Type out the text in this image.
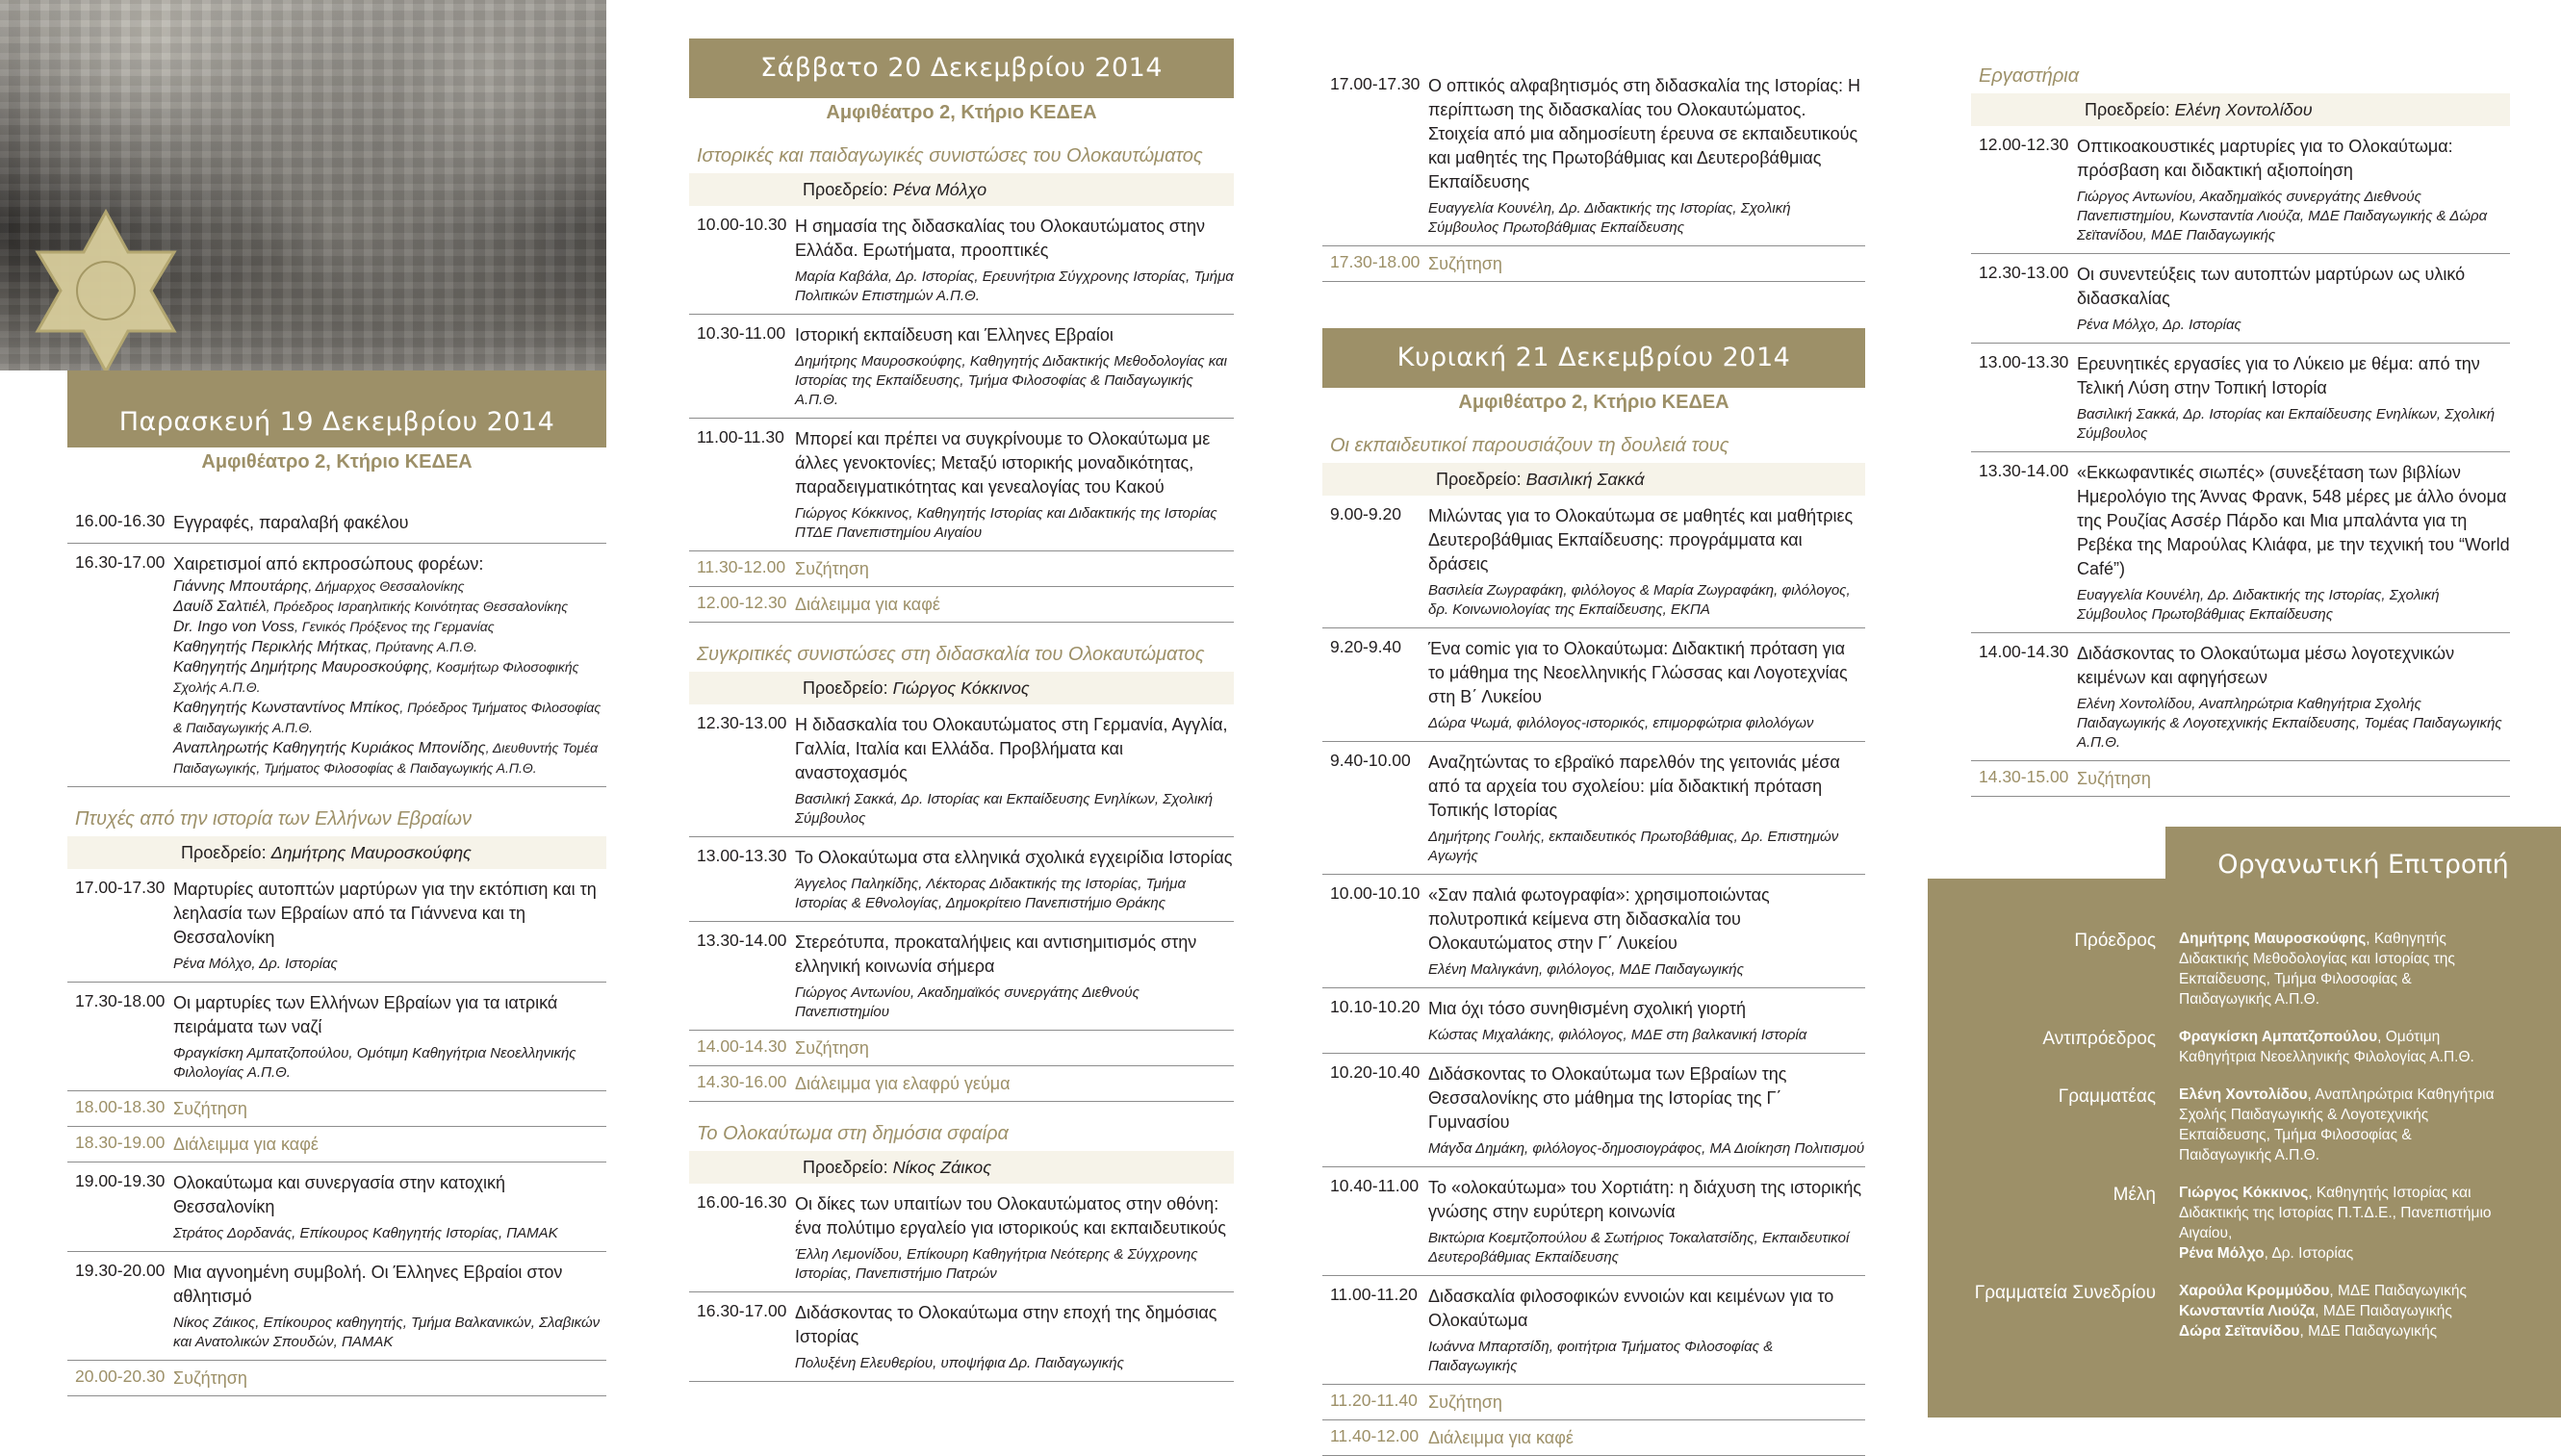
Παρασκευή 19 Δεκεμβρίου 2014
Αμφιθέατρο 2, Κτήριο ΚΕΔΕΑ
16.00-16.30 Εγγραφές, παραλαβή φακέλου
16.30-17.00 Χαιρετισμοί από εκπροσώπους φορέων:
Γιάννης Μπουτάρης, Δήμαρχος Θεσσαλονίκης
Δαυίδ Σαλτιέλ, Πρόεδρος Ισραηλιτικής Κοινότητας Θεσσαλονίκης
Dr. Ingo von Voss, Γενικός Πρόξενος της Γερμανίας
Καθηγητής Περικλής Μήτκας, Πρύτανης Α.Π.Θ.
Καθηγητής Δημήτρης Μαυροσκούφης, Κοσμήτωρ Φιλοσοφικής Σχολής Α.Π.Θ.
Καθηγητής Κωνσταντίνος Μπίκος, Πρόεδρος Τμήματος Φιλοσοφίας & Παιδαγωγικής Α.Π.Θ.
Αναπληρωτής Καθηγητής Κυριάκος Μπονίδης, Διευθυντής Τομέα Παιδαγωγικής, Τμήματος Φιλοσοφίας & Παιδαγωγικής Α.Π.Θ.
Πτυχές από την ιστορία των Ελλήνων Εβραίων
Προεδρείο: Δημήτρης Μαυροσκούφης
17.00-17.30 Μαρτυρίες αυτοπτών μαρτύρων για την εκτόπιση και τη λεηλασία των Εβραίων από τα Γιάννενα και τη Θεσσαλονίκη
Ρένα Μόλχο, Δρ. Ιστορίας
17.30-18.00 Οι μαρτυρίες των Ελλήνων Εβραίων για τα ιατρικά πειράματα των ναζί
Φραγκίσκη Αμπατζοπούλου, Ομότιμη Καθηγήτρια Νεοελληνικής Φιλολογίας Α.Π.Θ.
18.00-18.30 Συζήτηση
18.30-19.00 Διάλειμμα για καφέ
19.00-19.30 Ολοκαύτωμα και συνεργασία στην κατοχική Θεσσαλονίκη
Στράτος Δορδανάς, Επίκουρος Καθηγητής Ιστορίας, ΠΑΜΑΚ
19.30-20.00 Μια αγνοημένη συμβολή. Οι Έλληνες Εβραίοι στον αθλητισμό
Νίκος Ζάικος, Επίκουρος καθηγητής, Τμήμα Βαλκανικών, Σλαβικών και Ανατολικών Σπουδών, ΠΑΜΑΚ
20.00-20.30 Συζήτηση
Σάββατο 20 Δεκεμβρίου 2014
Αμφιθέατρο 2, Κτήριο ΚΕΔΕΑ
Ιστορικές και παιδαγωγικές συνιστώσες του Ολοκαυτώματος
Προεδρείο: Ρένα Μόλχο
10.00-10.30 Η σημασία της διδασκαλίας του Ολοκαυτώματος στην Ελλάδα. Ερωτήματα, προοπτικές
Μαρία Καβάλα, Δρ. Ιστορίας, Ερευνήτρια Σύγχρονης Ιστορίας, Τμήμα Πολιτικών Επιστημών Α.Π.Θ.
10.30-11.00 Ιστορική εκπαίδευση και Έλληνες Εβραίοι
Δημήτρης Μαυροσκούφης, Καθηγητής Διδακτικής Μεθοδολογίας και Ιστορίας της Εκπαίδευσης, Τμήμα Φιλοσοφίας & Παιδαγωγικής Α.Π.Θ.
11.00-11.30 Μπορεί και πρέπει να συγκρίνουμε το Ολοκαύτωμα με άλλες γενοκτονίες; Μεταξύ ιστορικής μοναδικότητας, παραδειγματικότητας και γενεαλογίας του Κακού
Γιώργος Κόκκινος, Καθηγητής Ιστορίας και Διδακτικής της Ιστορίας ΠΤΔΕ Πανεπιστημίου Αιγαίου
11.30-12.00 Συζήτηση
12.00-12.30 Διάλειμμα για καφέ
Συγκριτικές συνιστώσες στη διδασκαλία του Ολοκαυτώματος
Προεδρείο: Γιώργος Κόκκινος
12.30-13.00 Η διδασκαλία του Ολοκαυτώματος στη Γερμανία, Αγγλία, Γαλλία, Ιταλία και Ελλάδα. Προβλήματα και αναστοχασμός
Βασιλική Σακκά, Δρ. Ιστορίας και Εκπαίδευσης Ενηλίκων, Σχολική Σύμβουλος
13.00-13.30 Το Ολοκαύτωμα στα ελληνικά σχολικά εγχειρίδια Ιστορίας
Άγγελος Παληκίδης, Λέκτορας Διδακτικής της Ιστορίας, Τμήμα Ιστορίας & Εθνολογίας, Δημοκρίτειο Πανεπιστήμιο Θράκης
13.30-14.00 Στερεότυπα, προκαταλήψεις και αντισημιτισμός στην ελληνική κοινωνία σήμερα
Γιώργος Αντωνίου, Ακαδημαϊκός συνεργάτης Διεθνούς Πανεπιστημίου
14.00-14.30 Συζήτηση
14.30-16.00 Διάλειμμα για ελαφρύ γεύμα
Το Ολοκαύτωμα στη δημόσια σφαίρα
Προεδρείο: Νίκος Ζάικος
16.00-16.30 Οι δίκες των υπαιτίων του Ολοκαυτώματος στην οθόνη: ένα πολύτιμο εργαλείο για ιστορικούς και εκπαιδευτικούς
Έλλη Λεμονίδου, Επίκουρη Καθηγήτρια Νεότερης & Σύγχρονης Ιστορίας, Πανεπιστήμιο Πατρών
16.30-17.00 Διδάσκοντας το Ολοκαύτωμα στην εποχή της δημόσιας Ιστορίας
Πολυξένη Ελευθερίου, υποψήφια Δρ. Παιδαγωγικής
17.00-17.30 Ο οπτικός αλφαβητισμός στη διδασκαλία της Ιστορίας: Η περίπτωση της διδασκαλίας του Ολοκαυτώματος. Στοιχεία από μια αδημοσίευτη έρευνα σε εκπαιδευτικούς και μαθητές της Πρωτοβάθμιας και Δευτεροβάθμιας Εκπαίδευσης
Ευαγγελία Κουνέλη, Δρ. Διδακτικής της Ιστορίας, Σχολική Σύμβουλος Πρωτοβάθμιας Εκπαίδευσης
17.30-18.00 Συζήτηση
Κυριακή 21 Δεκεμβρίου 2014
Αμφιθέατρο 2, Κτήριο ΚΕΔΕΑ
Οι εκπαιδευτικοί παρουσιάζουν τη δουλειά τους
Προεδρείο: Βασιλική Σακκά
9.00-9.20	Μιλώντας για το Ολοκαύτωμα σε μαθητές και μαθήτριες Δευτεροβάθμιας Εκπαίδευσης: προγράμματα και δράσεις
Βασιλεία Ζωγραφάκη, φιλόλογος & Μαρία Ζωγραφάκη, φιλόλογος, δρ. Κοινωνιολογίας της Εκπαίδευσης, ΕΚΠΑ
9.20-9.40	Ένα comic για το Ολοκαύτωμα: Διδακτική πρόταση για το μάθημα της Νεοελληνικής Γλώσσας και Λογοτεχνίας στη Β΄ Λυκείου
Δώρα Ψωμά, φιλόλογος-ιστορικός, επιμορφώτρια φιλολόγων
9.40-10.00	Αναζητώντας το εβραϊκό παρελθόν της γειτονιάς μέσα από τα αρχεία του σχολείου: μία διδακτική πρόταση Τοπικής Ιστορίας
Δημήτρης Γουλής, εκπαιδευτικός Πρωτοβάθμιας, Δρ. Επιστημών Αγωγής
10.00-10.10 «Σαν παλιά φωτογραφία»: χρησιμοποιώντας πολυτροπικά κείμενα στη διδασκαλία του Ολοκαυτώματος στην Γ΄ Λυκείου
Ελένη Μαλιγκάνη, φιλόλογος, ΜΔΕ Παιδαγωγικής
10.10-10.20 Μια όχι τόσο συνηθισμένη σχολική γιορτή
Κώστας Μιχαλάκης, φιλόλογος, ΜΔΕ στη βαλκανική Ιστορία
10.20-10.40 Διδάσκοντας το Ολοκαύτωμα των Εβραίων της Θεσσαλονίκης στο μάθημα της Ιστορίας της Γ΄ Γυμνασίου
Μάγδα Δημάκη, φιλόλογος-δημοσιογράφος, ΜΑ Διοίκηση Πολιτισμού
10.40-11.00 Το «ολοκαύτωμα» του Χορτιάτη: η διάχυση της ιστορικής γνώσης στην ευρύτερη κοινωνία
Βικτώρια Κοεμτζοπούλου & Σωτήριος Τοκαλατσίδης, Εκπαιδευτικοί Δευτεροβάθμιας Εκπαίδευσης
11.00-11.20 Διδασκαλία φιλοσοφικών εννοιών και κειμένων για το Ολοκαύτωμα
Ιωάννα Μπαρτσίδη, φοιτήτρια Τμήματος Φιλοσοφίας & Παιδαγωγικής
11.20-11.40 Συζήτηση
11.40-12.00 Διάλειμμα για καφέ
Εργαστήρια
Προεδρείο: Ελένη Χοντολίδου
12.00-12.30 Οπτικοακουστικές μαρτυρίες για το Ολοκαύτωμα: πρόσβαση και διδακτική αξιοποίηση
Γιώργος Αντωνίου, Ακαδημαϊκός συνεργάτης Διεθνούς Πανεπιστημίου, Κωνσταντία Λιούζα, ΜΔΕ Παιδαγωγικής & Δώρα Σεϊτανίδου, ΜΔΕ Παιδαγωγικής
12.30-13.00 Οι συνεντεύξεις των αυτοπτών μαρτύρων ως υλικό διδασκαλίας
Ρένα Μόλχο, Δρ. Ιστορίας
13.00-13.30 Ερευνητικές εργασίες για το Λύκειο με θέμα: από την Τελική Λύση στην Τοπική Ιστορία
Βασιλική Σακκά, Δρ. Ιστορίας και Εκπαίδευσης Ενηλίκων, Σχολική Σύμβουλος
13.30-14.00 «Εκκωφαντικές σιωπές» (συνεξέταση των βιβλίων Ημερολόγιο της Άννας Φρανκ, 548 μέρες με άλλο όνομα της Ρουζίας Ασσέρ Πάρδο και Μια μπαλάντα για τη Ρεβέκα της Μαρούλας Κλιάφα, με την τεχνική του “World Café”)
Ευαγγελία Κουνέλη, Δρ. Διδακτικής της Ιστορίας, Σχολική Σύμβουλος Πρωτοβάθμιας Εκπαίδευσης
14.00-14.30 Διδάσκοντας το Ολοκαύτωμα μέσω λογοτεχνικών κειμένων και αφηγήσεων
Ελένη Χοντολίδου, Αναπληρώτρια Καθηγήτρια Σχολής Παιδαγωγικής & Λογοτεχνικής Εκπαίδευσης, Τομέας Παιδαγωγικής Α.Π.Θ.
14.30-15.00 Συζήτηση
Οργανωτική Επιτροπή
Πρόεδρος	Δημήτρης Μαυροσκούφης, Καθηγητής Διδακτικής Μεθοδολογίας και Ιστορίας της Εκπαίδευσης, Τμήμα Φιλοσοφίας & Παιδαγωγικής Α.Π.Θ.
Αντιπρόεδρος	Φραγκίσκη Αμπατζοπούλου, Ομότιμη Καθηγήτρια Νεοελληνικής Φιλολογίας Α.Π.Θ.
Γραμματέας	Ελένη Χοντολίδου, Αναπληρώτρια Καθηγήτρια Σχολής Παιδαγωγικής & Λογοτεχνικής Εκπαίδευσης, Τμήμα Φιλοσοφίας & Παιδαγωγικής Α.Π.Θ.
Μέλη	Γιώργος Κόκκινος, Καθηγητής Ιστορίας και Διδακτικής της Ιστορίας Π.Τ.Δ.Ε., Πανεπιστήμιο Αιγαίου,
Ρένα Μόλχο, Δρ. Ιστορίας
Γραμματεία Συνεδρίου	Χαρούλα Κρομμύδου, ΜΔΕ Παιδαγωγικής
Κωνσταντία Λιούζα, ΜΔΕ Παιδαγωγικής
Δώρα Σεϊτανίδου, ΜΔΕ Παιδαγωγικής
